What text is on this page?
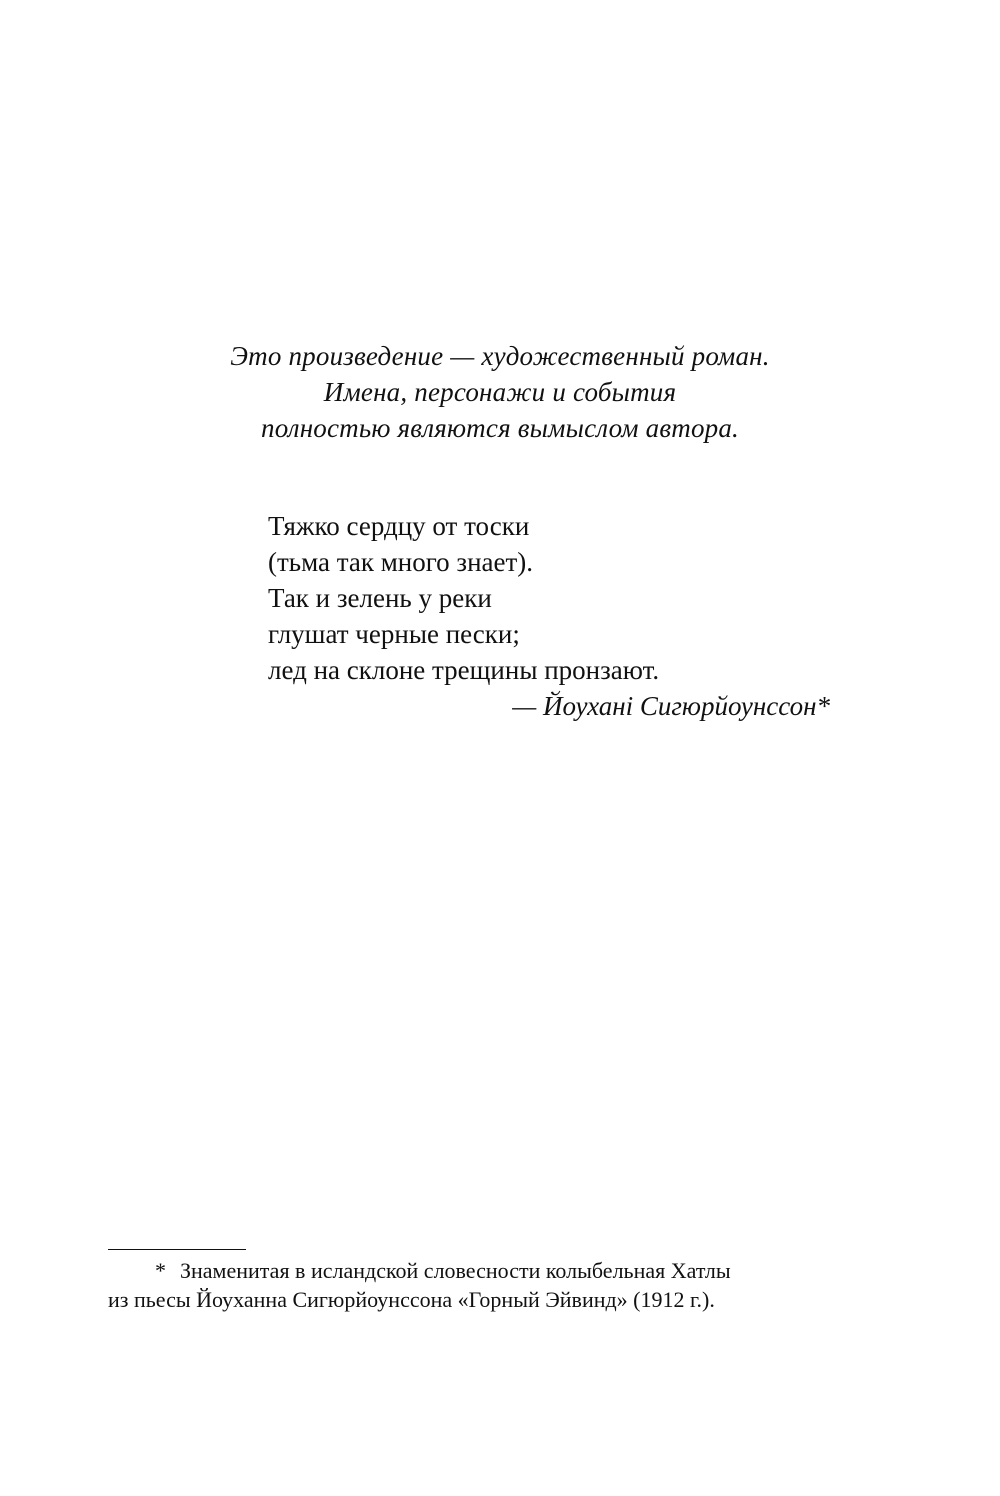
Это произведение — художественный роман.
Имена, персонажи и события
полностью являются вымыслом автора.
Тяжко сердцу от тоски
(тьма так много знает).
Так и зелень у реки
глушат черные пески;
лед на склоне трещины пронзают.
— Йоухані Сигюрйоунссон*
* Знаменитая в исландской словесности колыбельная Хатлы
из пьесы Йоуханна Сигюрйоунссона «Горный Эйвинд» (1912 г.).
